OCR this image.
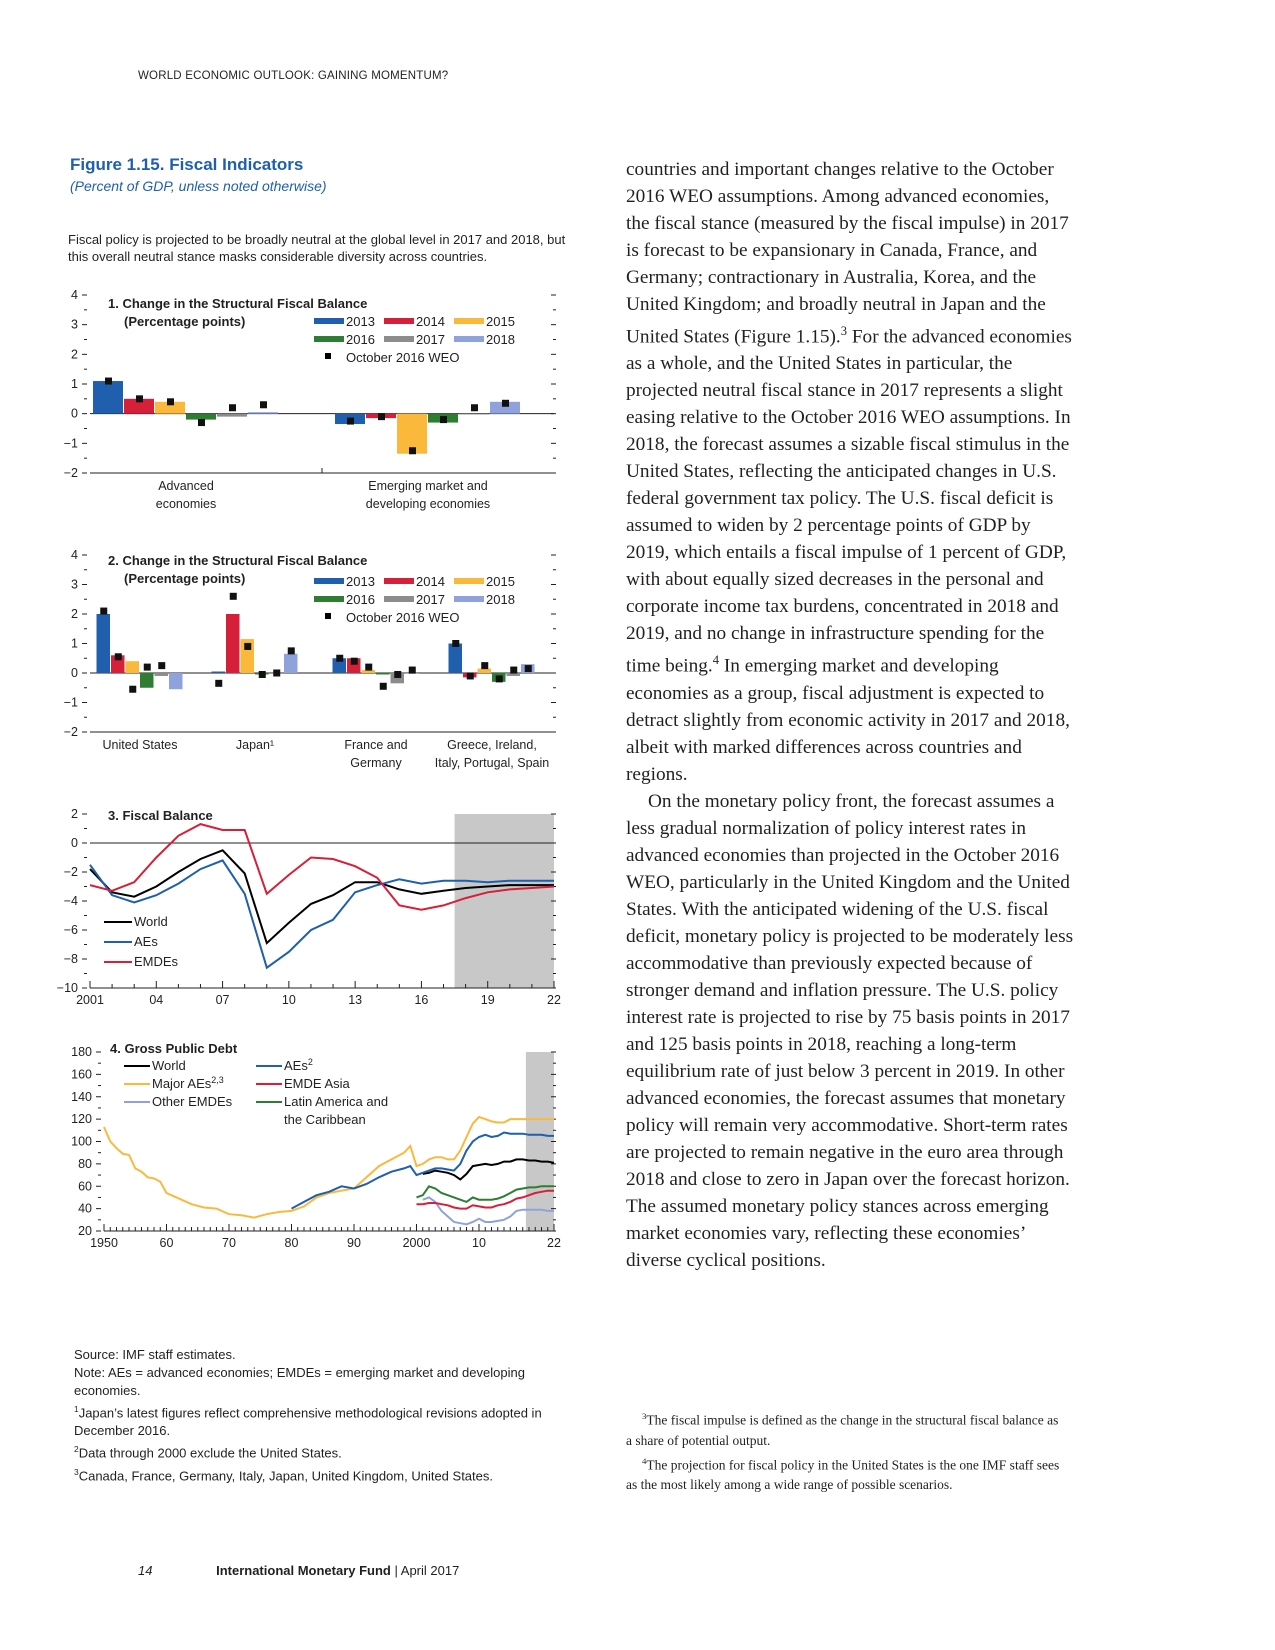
WORLD ECONOMIC OUTLOOK: GAINING MOMENTUM?
Figure 1.15. Fiscal Indicators
(Percent of GDP, unless noted otherwise)
Fiscal policy is projected to be broadly neutral at the global level in 2017 and 2018, but this overall neutral stance masks considerable diversity across countries.
1. Change in the Structural Fiscal Balance
(Percentage points)	2013	2014	2015
2016	2017	2018
October 2016 WEO
4
3
2
1
0
−1
−2
Advanced
economies
Emerging market and
developing economies
2. Change in the Structural Fiscal Balance
(Percentage points)	2013	2014	2015
2016	2017	2018
October 2016 WEO
4
3
2
1
0
−1
−2
United States	Japan¹	France and
Germany
Greece, Ireland,
Italy, Portugal, Spain
3. Fiscal Balance
2
0
−2
−4
−6
−8
−10
2001	04	07	10	13	16	19	22
World
AEs
EMDEs
4. Gross Public Debt
180
160
140
120
100
80
60
40
20
1950	60	70	80	90	2000	10	22
World
Major AEs$^{2,3}$
Other EMDEs
AEs$^2$
EMDE Asia
Latin America and
the Caribbean
Source: IMF staff estimates.
Note: AEs = advanced economies; EMDEs = emerging market and developing economies.
$^1$Japan’s latest figures reflect comprehensive methodological revisions adopted in December 2016.
$^2$Data through 2000 exclude the United States.
$^3$Canada, France, Germany, Italy, Japan, United Kingdom, United States.

countries and important changes relative to the October 2016 WEO assumptions. Among advanced economies, the fiscal stance (measured by the fiscal impulse) in 2017 is forecast to be expansionary in Canada, France, and Germany; contractionary in Australia, Korea, and the United Kingdom; and broadly neutral in Japan and the United States (Figure 1.15).$^3$ For the advanced economies as a whole, and the United States in particular, the projected neutral fiscal stance in 2017 represents a slight easing relative to the October 2016 WEO assumptions. In 2018, the forecast assumes a sizable fiscal stimulus in the United States, reflecting the anticipated changes in U.S. federal government tax policy. The U.S. fiscal deficit is assumed to widen by 2 percentage points of GDP by 2019, which entails a fiscal impulse of 1 percent of GDP, with about equally sized decreases in the personal and corporate income tax burdens, concentrated in 2018 and 2019, and no change in infrastructure spending for the time being.$^4$ In emerging market and developing economies as a group, fiscal adjustment is expected to detract slightly from economic activity in 2017 and 2018, albeit with marked differences across countries and regions.

On the monetary policy front, the forecast assumes a less gradual normalization of policy interest rates in advanced economies than projected in the October 2016 WEO, particularly in the United Kingdom and the United States. With the anticipated widening of the U.S. fiscal deficit, monetary policy is projected to be moderately less accommodative than previously expected because of stronger demand and inflation pressure. The U.S. policy interest rate is projected to rise by 75 basis points in 2017 and 125 basis points in 2018, reaching a long-term equilibrium rate of just below 3 percent in 2019. In other advanced economies, the forecast assumes that monetary policy will remain very accommodative. Short-term rates are projected to remain negative in the euro area through 2018 and close to zero in Japan over the forecast horizon. The assumed monetary policy stances across emerging market economies vary, reflecting these economies’ diverse cyclical positions.

$^3$The fiscal impulse is defined as the change in the structural fiscal balance as a share of potential output.
$^4$The projection for fiscal policy in the United States is the one IMF staff sees as the most likely among a wide range of possible scenarios.
14	International Monetary Fund | April 2017
